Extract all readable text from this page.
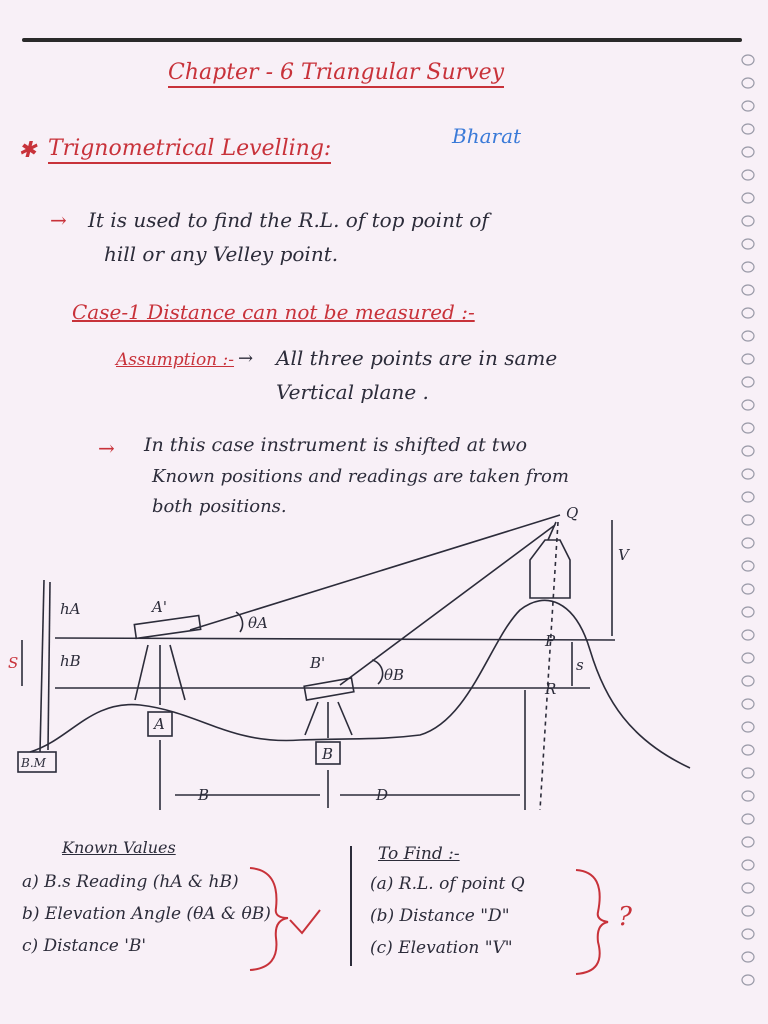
Chapter - 6 Triangular Survey
✱ Trignometrical Levelling:	Bharat
→ It is used to find the R.L. of top point of
hill or any Velley point.
Case-1 Distance can not be measured :-
Assumption :- → All three points are in same
Vertical plane .
→ In this case instrument is shifted at two
Known positions and readings are taken from
both positions.	Q
V
P
R
s
S
hA
hB
A'
B'
θA
θB
A
B
B.M
B	D
Known Values
a) B.s Reading (hA & hB)
b) Elevation Angle (θA & θB)
c) Distance 'B'
To Find :-
(a) R.L. of point Q
(b) Distance "D"
(c) Elevation "V"
?
